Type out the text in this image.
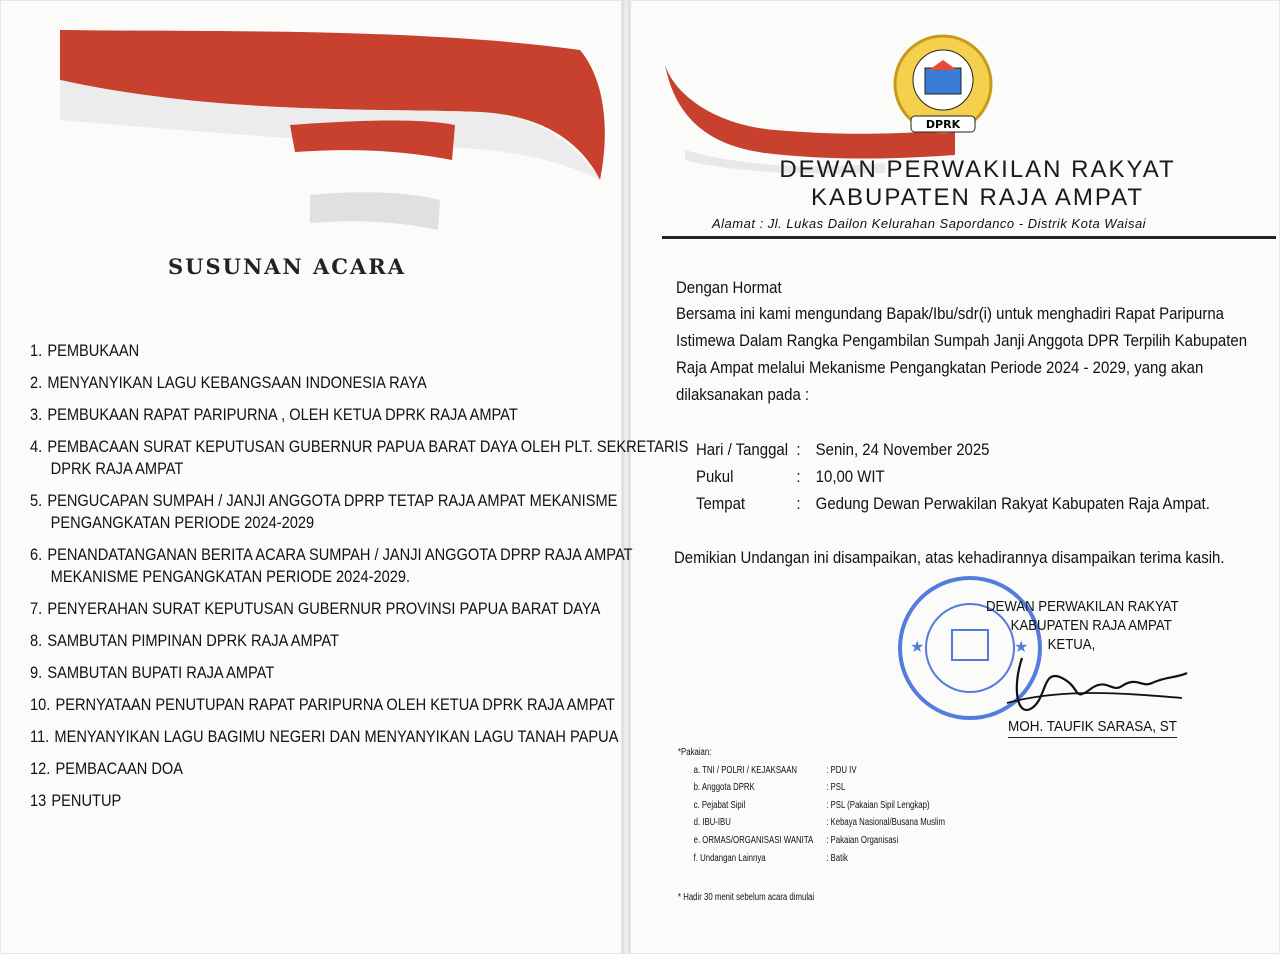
SUSUNAN ACARA
1. PEMBUKAAN
2. MENYANYIKAN LAGU KEBANGSAAN INDONESIA RAYA
3. PEMBUKAAN RAPAT PARIPURNA , OLEH KETUA DPRK RAJA AMPAT
4. PEMBACAAN SURAT KEPUTUSAN GUBERNUR PAPUA BARAT DAYA OLEH PLT. SEKRETARIS
DPRK RAJA AMPAT
5. PENGUCAPAN SUMPAH / JANJI ANGGOTA DPRP TETAP RAJA AMPAT MEKANISME
PENGANGKATAN PERIODE 2024-2029
6. PENANDATANGANAN BERITA ACARA SUMPAH / JANJI ANGGOTA DPRP RAJA AMPAT
MEKANISME PENGANGKATAN PERIODE 2024-2029.
7. PENYERAHAN SURAT KEPUTUSAN GUBERNUR PROVINSI PAPUA BARAT DAYA
8. SAMBUTAN PIMPINAN DPRK RAJA AMPAT
9. SAMBUTAN BUPATI RAJA AMPAT
10. PERNYATAAN PENUTUPAN RAPAT PARIPURNA OLEH KETUA DPRK RAJA AMPAT
11. MENYANYIKAN LAGU BAGIMU NEGERI DAN MENYANYIKAN LAGU TANAH PAPUA
12. PEMBACAAN DOA
13 PENUTUP
DPRK
DEWAN PERWAKILAN RAKYAT
KABUPATEN RAJA AMPAT
Alamat : Jl. Lukas Dailon Kelurahan Sapordanco - Distrik Kota Waisai
Dengan Hormat
Bersama ini kami mengundang Bapak/Ibu/sdr(i) untuk menghadiri Rapat Paripurna
Istimewa Dalam Rangka Pengambilan Sumpah Janji Anggota DPR Terpilih Kabupaten
Raja Ampat melalui Mekanisme Pengangkatan Periode 2024 - 2029, yang akan
dilaksanakan pada :
Hari / Tanggal : Senin, 24 November 2025
Pukul	: 10,00 WIT
Tempat	: Gedung Dewan Perwakilan Rakyat Kabupaten Raja Ampat.
Demikian Undangan ini disampaikan, atas kehadirannya disampaikan terima kasih.
★	★
DEWAN PERWAKILAN RAKYAT
KABUPATEN RAJA AMPAT
KETUA,
MOH. TAUFIK SARASA, ST
*Pakaian:
a. TNI / POLRI / KEJAKSAAN	: PDU IV
b. Anggota DPRK	: PSL
c. Pejabat Sipil	: PSL (Pakaian Sipil Lengkap)
d. IBU-IBU	: Kebaya Nasional/Busana Muslim
e. ORMAS/ORGANISASI WANITA	: Pakaian Organisasi
f. Undangan Lainnya	: Batik
* Hadir 30 menit sebelum acara dimulai
